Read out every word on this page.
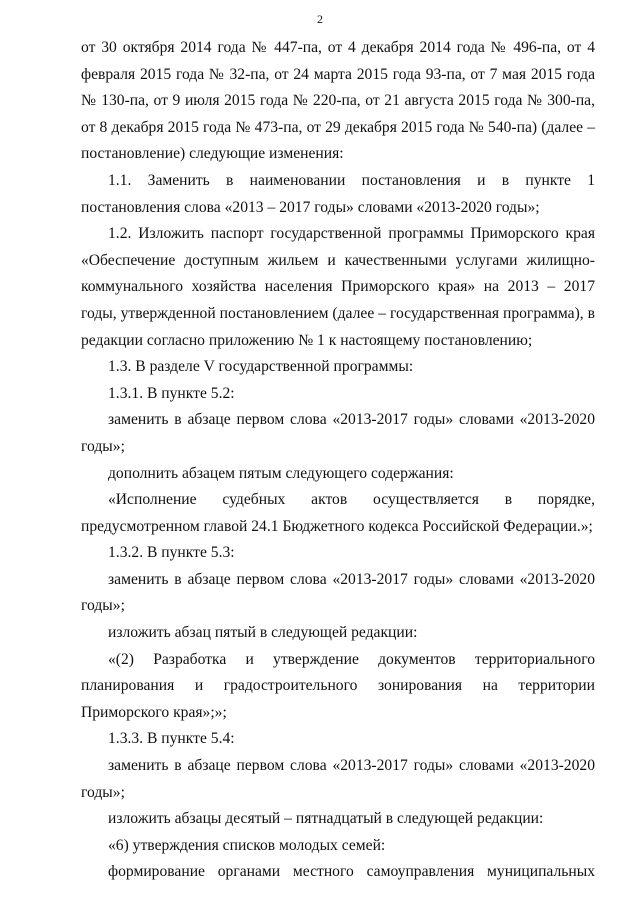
2

от 30 октября 2014 года № 447-па, от 4 декабря 2014 года № 496-па, от 4 февраля 2015 года № 32-па, от 24 марта 2015 года 93-па, от 7 мая 2015 года № 130-па, от 9 июля 2015 года № 220-па, от 21 августа 2015 года № 300-па, от 8 декабря 2015 года № 473-па, от 29 декабря 2015 года № 540-па) (далее – постановление) следующие изменения:

1.1. Заменить в наименовании постановления и в пункте 1 постановления слова «2013 – 2017 годы» словами «2013-2020 годы»;

1.2. Изложить паспорт государственной программы Приморского края «Обеспечение доступным жильем и качественными услугами жилищно-коммунального хозяйства населения Приморского края» на 2013 – 2017 годы, утвержденной постановлением (далее – государственная программа), в редакции согласно приложению № 1 к настоящему постановлению;

1.3. В разделе V государственной программы:

1.3.1. В пункте 5.2:

заменить в абзаце первом слова «2013-2017 годы» словами «2013-2020 годы»;

дополнить абзацем пятым следующего содержания:

«Исполнение судебных актов осуществляется в порядке, предусмотренном главой 24.1 Бюджетного кодекса Российской Федерации.»;

1.3.2. В пункте 5.3:

заменить в абзаце первом слова «2013-2017 годы» словами «2013-2020 годы»;

изложить абзац пятый в следующей редакции:

«(2) Разработка и утверждение документов территориального планирования и градостроительного зонирования на территории Приморского края»;»;

1.3.3. В пункте 5.4:

заменить в абзаце первом слова «2013-2017 годы» словами «2013-2020 годы»;

изложить абзацы десятый – пятнадцатый в следующей редакции:

«6) утверждения списков молодых семей:

формирование органами местного самоуправления муниципальных
